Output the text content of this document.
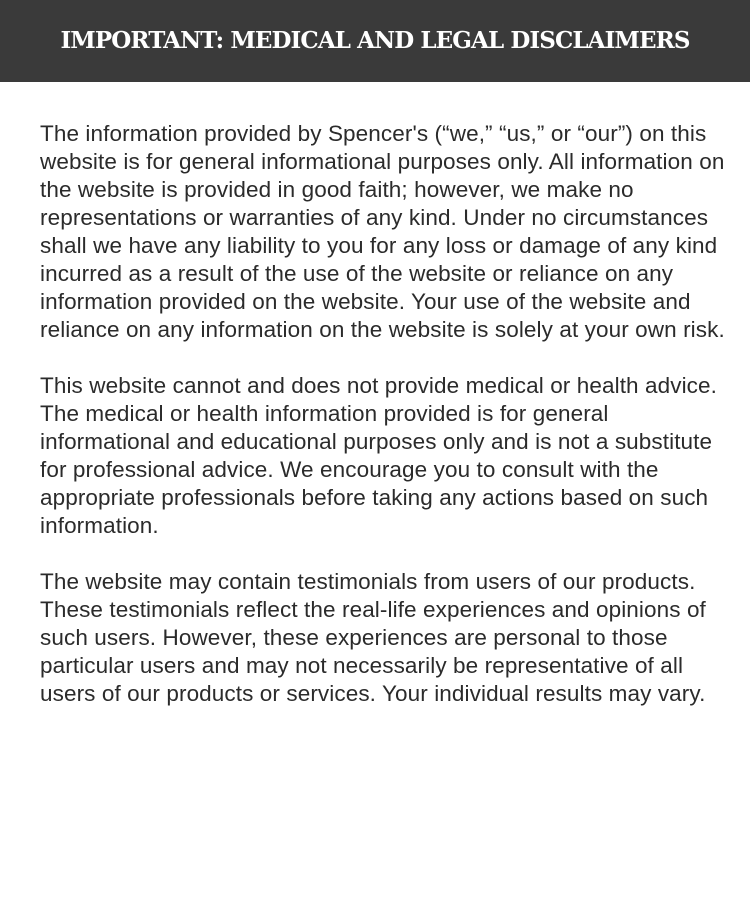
IMPORTANT: MEDICAL AND LEGAL DISCLAIMERS

The information provided by Spencer's (“we,” “us,” or “our”) on this website is for general informational purposes only. All information on the website is provided in good faith; however, we make no representations or warranties of any kind. Under no circumstances shall we have any liability to you for any loss or damage of any kind incurred as a result of the use of the website or reliance on any information provided on the website. Your use of the website and reliance on any information on the website is solely at your own risk.

This website cannot and does not provide medical or health advice. The medical or health information provided is for general informational and educational purposes only and is not a substitute for professional advice. We encourage you to consult with the appropriate professionals before taking any actions based on such information.

The website may contain testimonials from users of our products. These testimonials reflect the real-life experiences and opinions of such users. However, these experiences are personal to those particular users and may not necessarily be representative of all users of our products or services. Your individual results may vary.
